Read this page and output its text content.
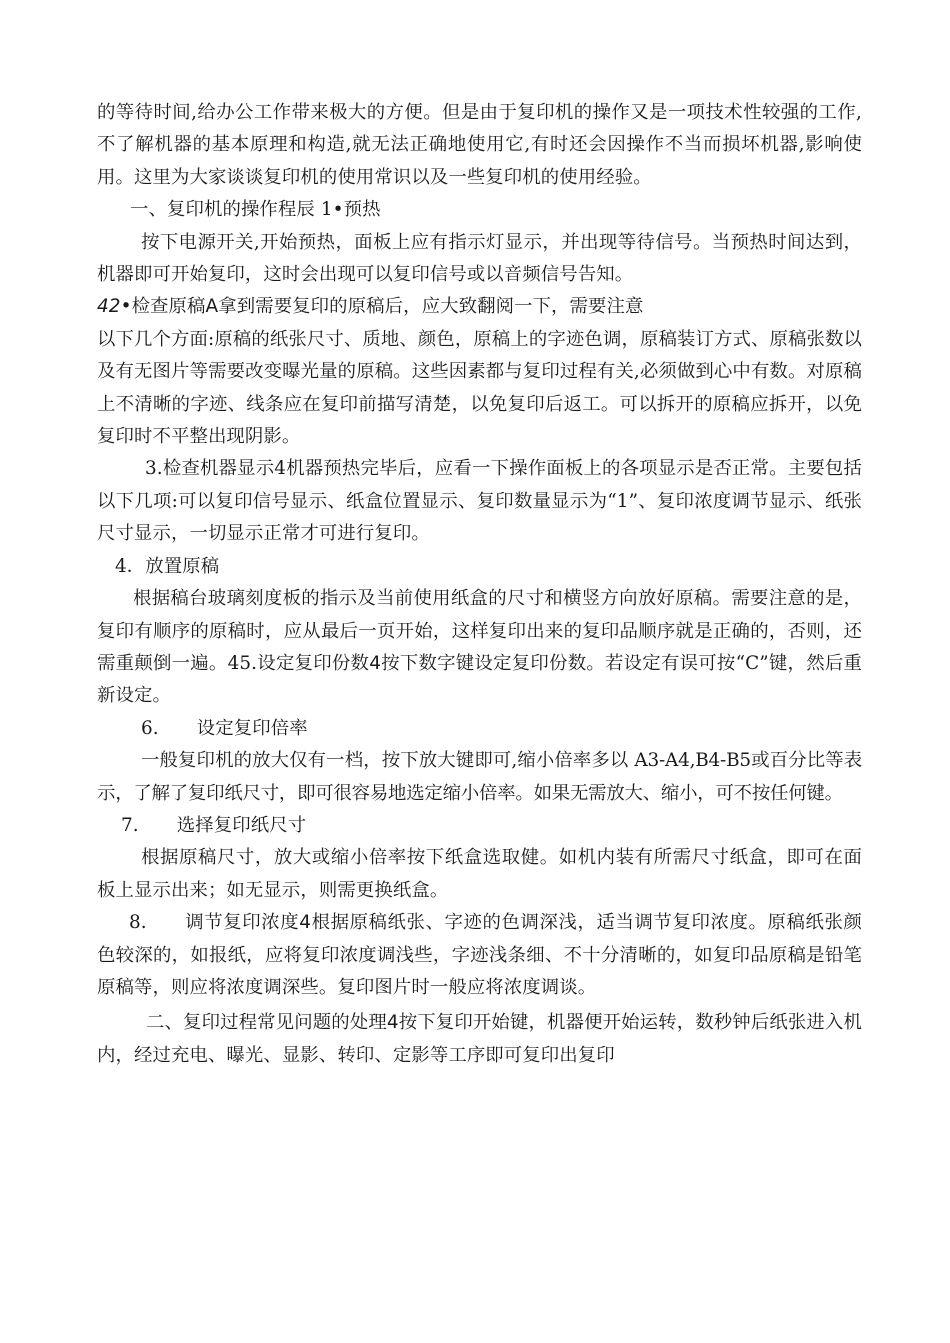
的等待时间,给办公工作带来极大的方便。但是由于复印机的操作又是一项技术性较强的工作,不了解机器的基本原理和构造,就无法正确地使用它,有时还会因操作不当而损坏机器,影响使用。这里为大家谈谈复印机的使用常识以及一些复印机的使用经验。

一、复印机的操作程辰 1•预热

按下电源开关,开始预热，面板上应有指示灯显示，并出现等待信号。当预热时间达到，机器即可开始复印，这时会出现可以复印信号或以音频信号告知。

42•检查原稿A拿到需要复印的原稿后，应大致翻阅一下，需要注意

以下几个方面:原稿的纸张尺寸、质地、颜色，原稿上的字迹色调，原稿装订方式、原稿张数以及有无图片等需要改变曝光量的原稿。这些因素都与复印过程有关,必须做到心中有数。对原稿上不清晰的字迹、线条应在复印前描写清楚，以免复印后返工。可以拆开的原稿应拆开，以免复印时不平整出现阴影。

3.检查机器显示4机器预热完毕后，应看一下操作面板上的各项显示是否正常。主要包括以下几项:可以复印信号显示、纸盒位置显示、复印数量显示为“1”、复印浓度调节显示、纸张尺寸显示，一切显示正常才可进行复印。

4．放置原稿

根据稿台玻璃刻度板的指示及当前使用纸盒的尺寸和横竖方向放好原稿。需要注意的是，复印有顺序的原稿时，应从最后一页开始，这样复印出来的复印品顺序就是正确的，否则，还需重颠倒一遍。45.设定复印份数4按下数字键设定复印份数。若设定有误可按“C”键，然后重新设定。

6. 设定复印倍率

一般复印机的放大仅有一档，按下放大键即可,缩小倍率多以 A3-A4,B4-B5或百分比等表示，了解了复印纸尺寸，即可很容易地选定缩小倍率。如果无需放大、缩小，可不按任何键。

7. 选择复印纸尺寸

根据原稿尺寸，放大或缩小倍率按下纸盒选取健。如机内装有所需尺寸纸盒，即可在面板上显示出来；如无显示，则需更换纸盒。

8. 调节复印浓度4根据原稿纸张、字迹的色调深浅，适当调节复印浓度。原稿纸张颜色较深的，如报纸，应将复印浓度调浅些，字迹浅条细、不十分清晰的，如复印品原稿是铅笔原稿等，则应将浓度调深些。复印图片时一般应将浓度调谈。

二、复印过程常见问题的处理4按下复印开始键，机器便开始运转，数秒钟后纸张进入机内，经过充电、曝光、显影、转印、定影等工序即可复印出复印
